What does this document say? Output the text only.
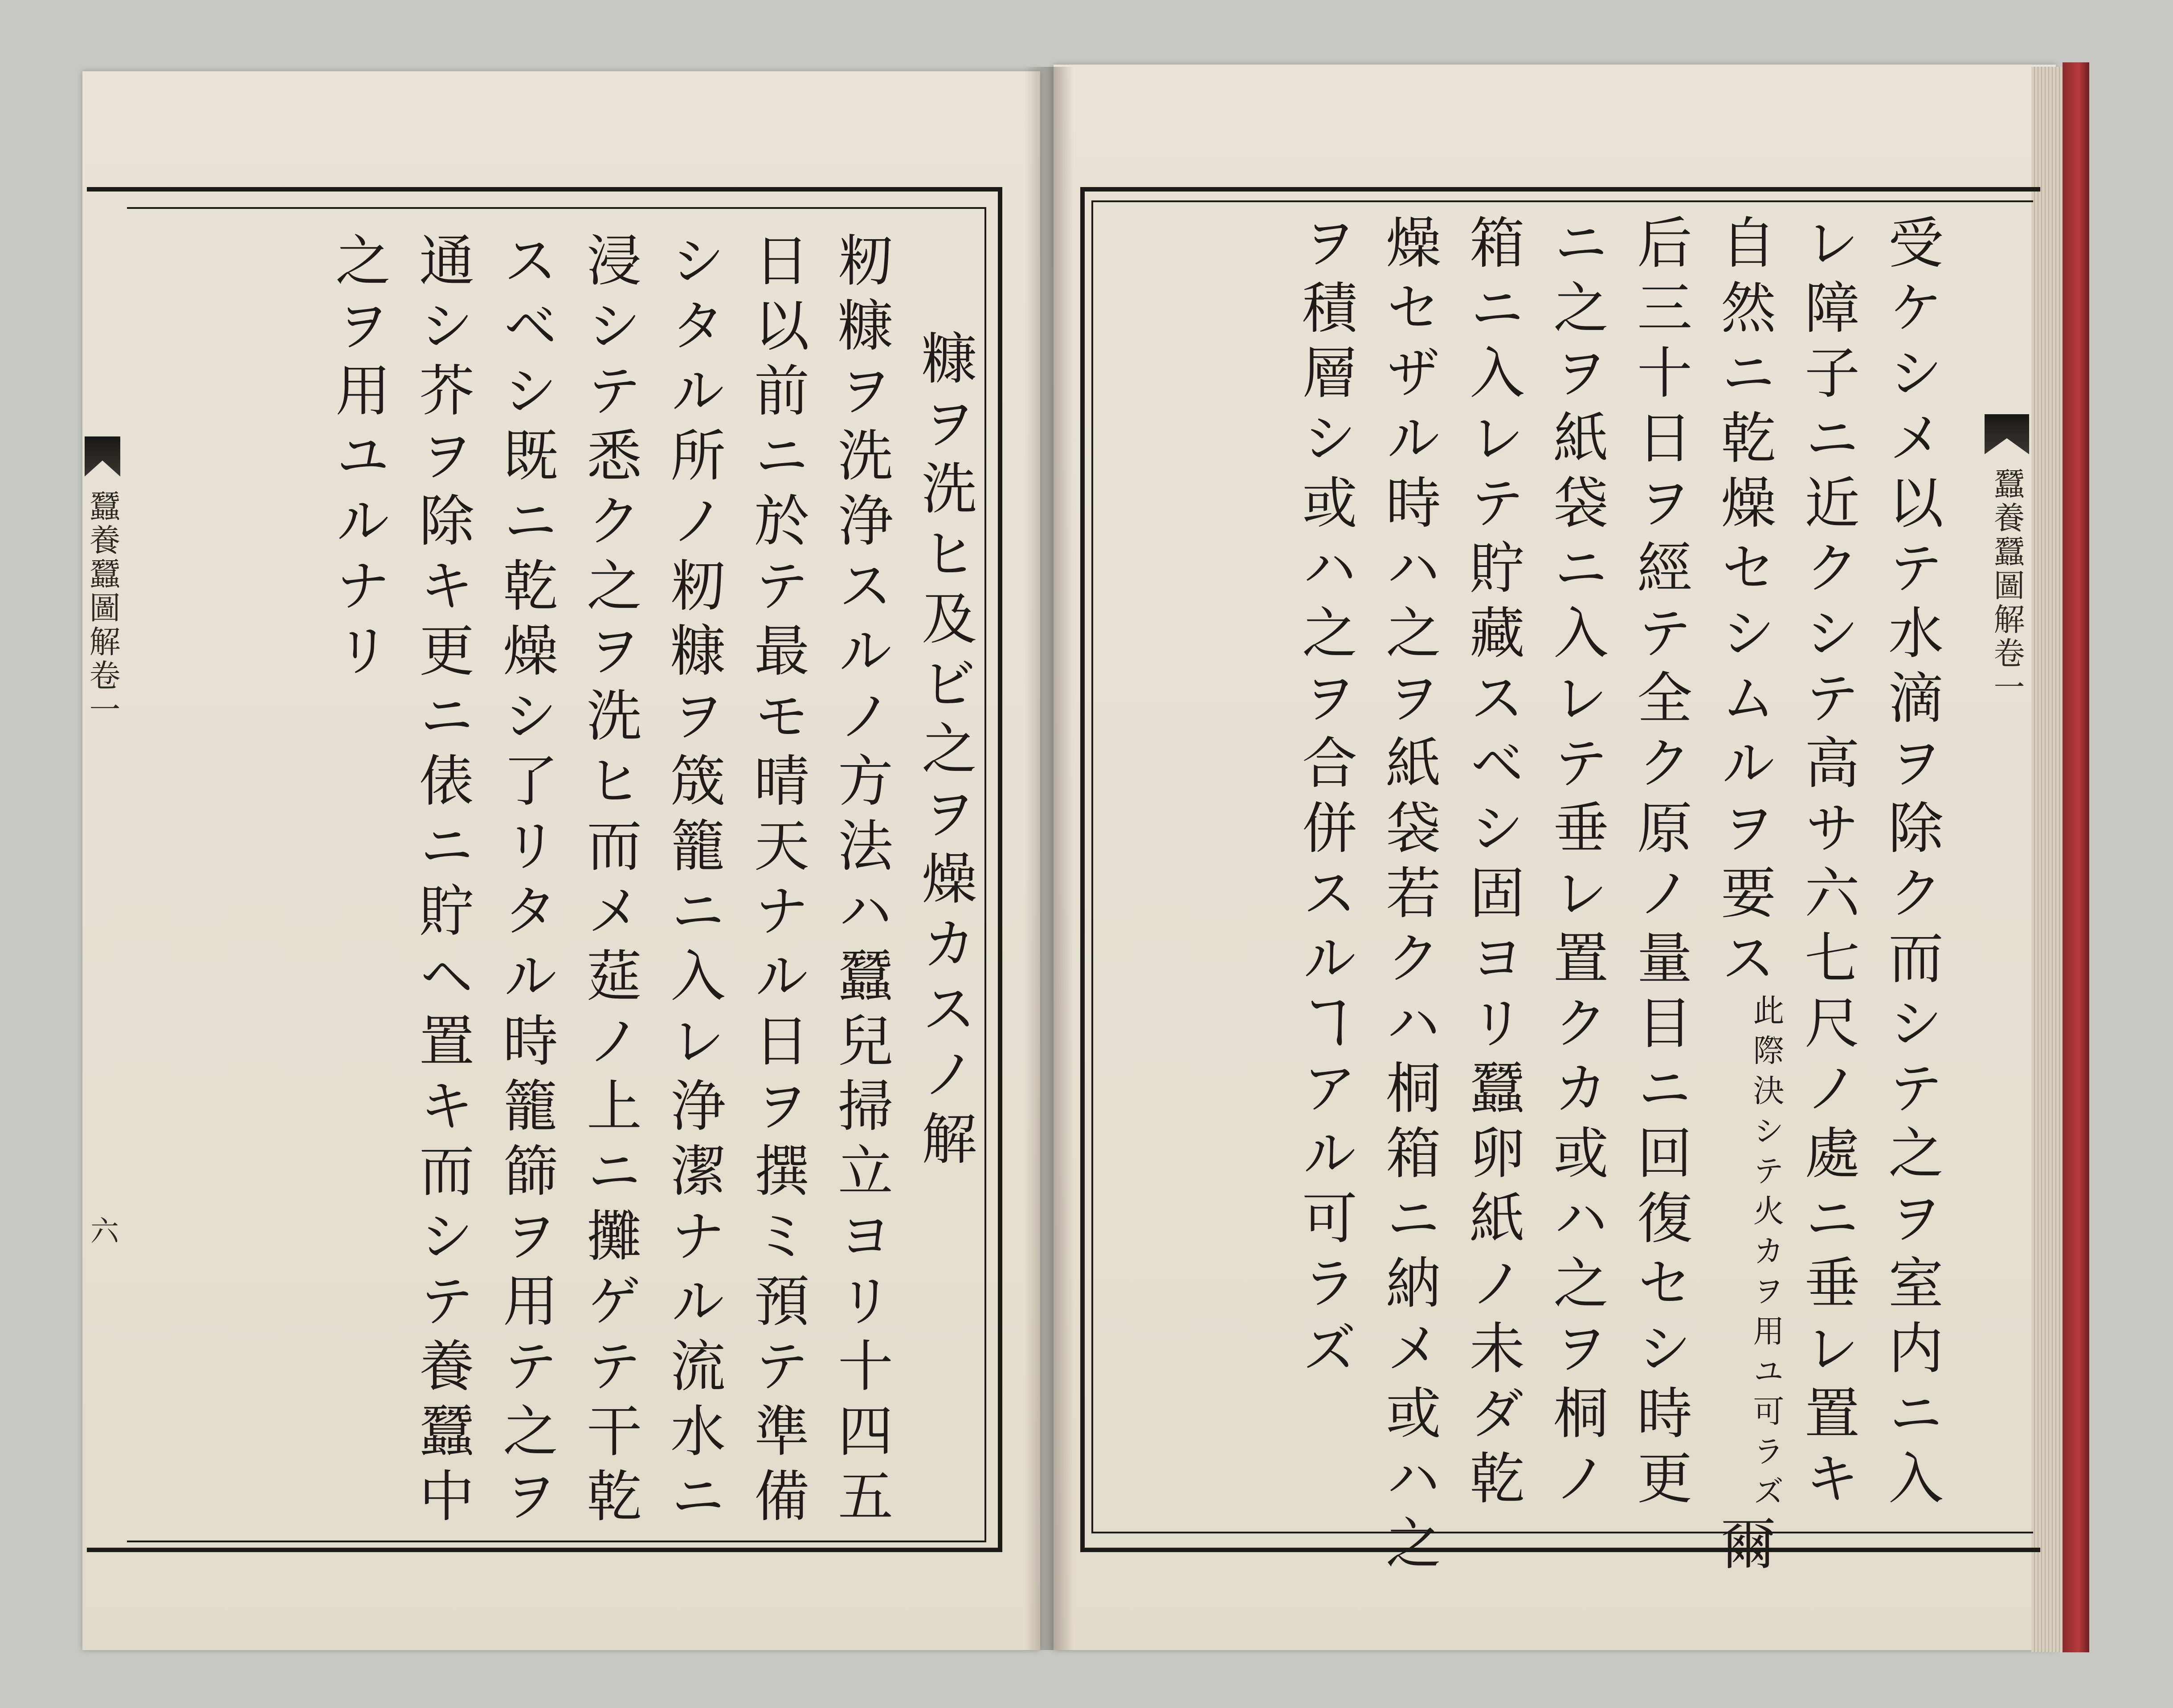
蠶養蠶圖解卷一
六
蠶養蠶圖解卷一
糠ヲ洗ヒ及ビ之ヲ燥カスノ解
籾糠ヲ洗浄スルノ方法ハ蠶兒掃立ヨリ十四五
日以前ニ於テ最モ晴天ナル日ヲ撰ミ預テ準備
シタル所ノ籾糠ヲ筬籠ニ入レ浄潔ナル流水ニ
浸シテ悉ク之ヲ洗ヒ而メ莚ノ上ニ攤ゲテ干乾
スベシ既ニ乾燥シ了リタル時籠篩ヲ用テ之ヲ
通シ芥ヲ除キ更ニ俵ニ貯ヘ置キ而シテ養蠶中
之ヲ用ユルナリ	受ケシメ以テ水滴ヲ除ク而シテ之ヲ室内ニ入
レ障子ニ近クシテ高サ六七尺ノ處ニ垂レ置キ
自然ニ乾燥セシムルヲ要ス此際決シテ火カヲ用ユ可ラズ爾
后三十日ヲ經テ全ク原ノ量目ニ回復セシ時更
ニ之ヲ紙袋ニ入レテ垂レ置クカ或ハ之ヲ桐ノ
箱ニ入レテ貯藏スベシ固ヨリ蠶卵紙ノ未ダ乾
燥セザル時ハ之ヲ紙袋若クハ桐箱ニ納メ或ハ之
ヲ積層シ或ハ之ヲ合併スルヿアル可ラズ
